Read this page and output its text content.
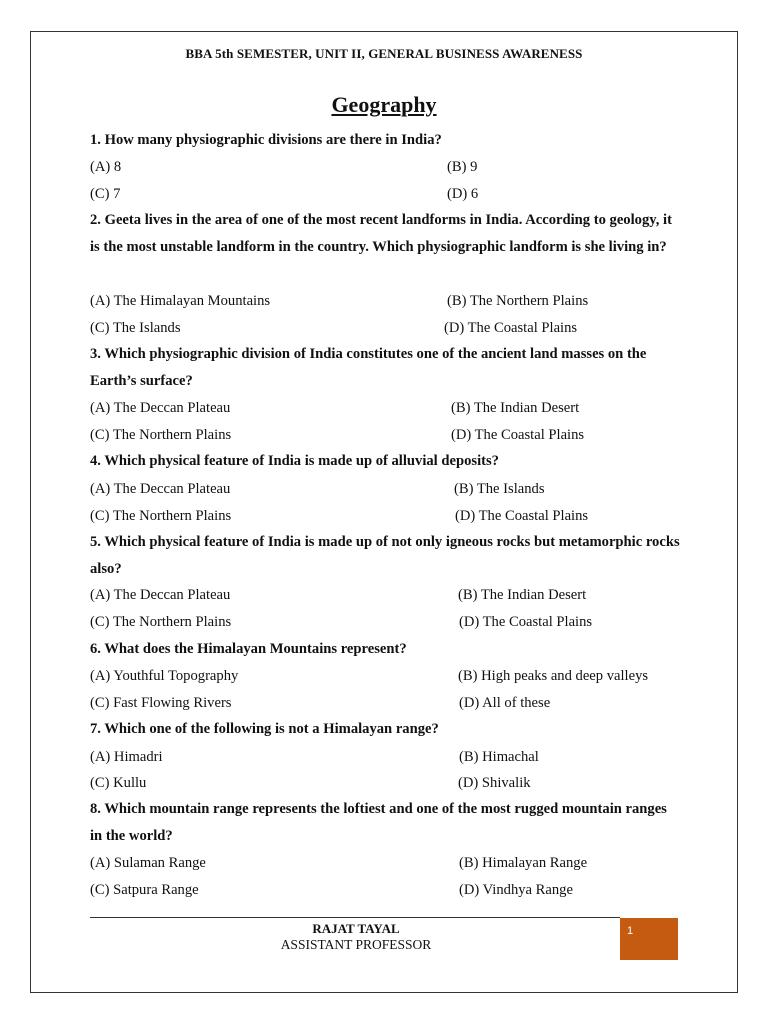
BBA 5th SEMESTER, UNIT II, GENERAL BUSINESS AWARENESS
Geography
1. How many physiographic divisions are there in India?
(A) 8	(B) 9
(C) 7	(D) 6
2. Geeta lives in the area of one of the most recent landforms in India. According to geology, it is the most unstable landform in the country. Which physiographic landform is she living in?
(A) The Himalayan Mountains	(B) The Northern Plains
(C) The Islands	(D) The Coastal Plains
3. Which physiographic division of India constitutes one of the ancient land masses on the Earth’s surface?
(A) The Deccan Plateau	(B) The Indian Desert
(C) The Northern Plains	(D) The Coastal Plains
4. Which physical feature of India is made up of alluvial deposits?
(A) The Deccan Plateau	(B) The Islands
(C) The Northern Plains	(D) The Coastal Plains
5. Which physical feature of India is made up of not only igneous rocks but metamorphic rocks also?
(A) The Deccan Plateau	(B) The Indian Desert
(C) The Northern Plains	(D) The Coastal Plains
6. What does the Himalayan Mountains represent?
(A) Youthful Topography	(B) High peaks and deep valleys
(C) Fast Flowing Rivers	(D) All of these
7. Which one of the following is not a Himalayan range?
(A) Himadri	(B) Himachal
(C) Kullu	(D) Shivalik
8. Which mountain range represents the loftiest and one of the most rugged mountain ranges in the world?
(A) Sulaman Range	(B) Himalayan Range
(C) Satpura Range	(D) Vindhya Range
RAJAT TAYAL
ASSISTANT PROFESSOR
1
